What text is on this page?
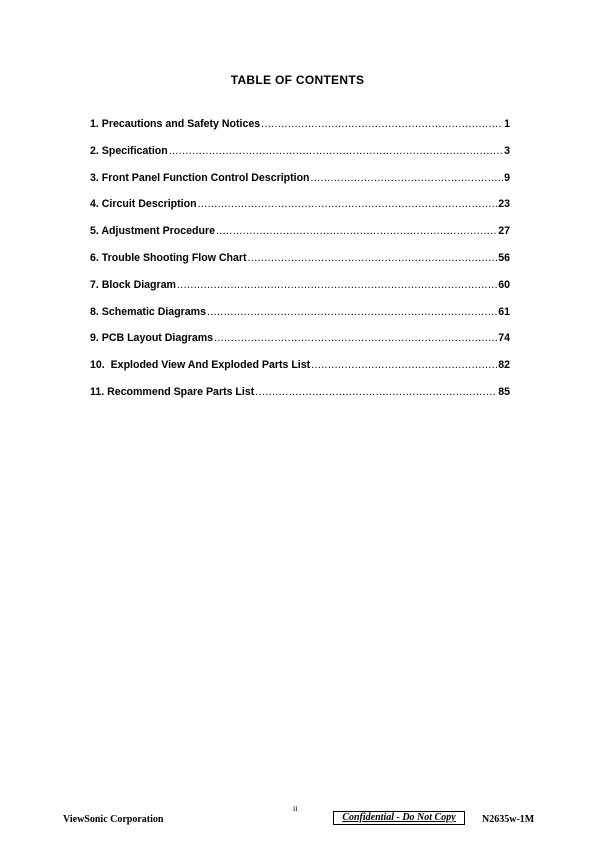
TABLE OF CONTENTS
1. Precautions and Safety Notices .....	1
2. Specification .....	3
3. Front Panel Function Control Description .....	9
4. Circuit Description .....	23
5. Adjustment Procedure .....	27
6. Trouble Shooting Flow Chart .....	56
7. Block Diagram .....	60
8. Schematic Diagrams .....	61
9. PCB Layout Diagrams .....	74
10.  Exploded View And Exploded Parts List .....	82
11. Recommend Spare Parts List .....	85
ii
ViewSonic Corporation	Confidential - Do Not Copy	N2635w-1M
